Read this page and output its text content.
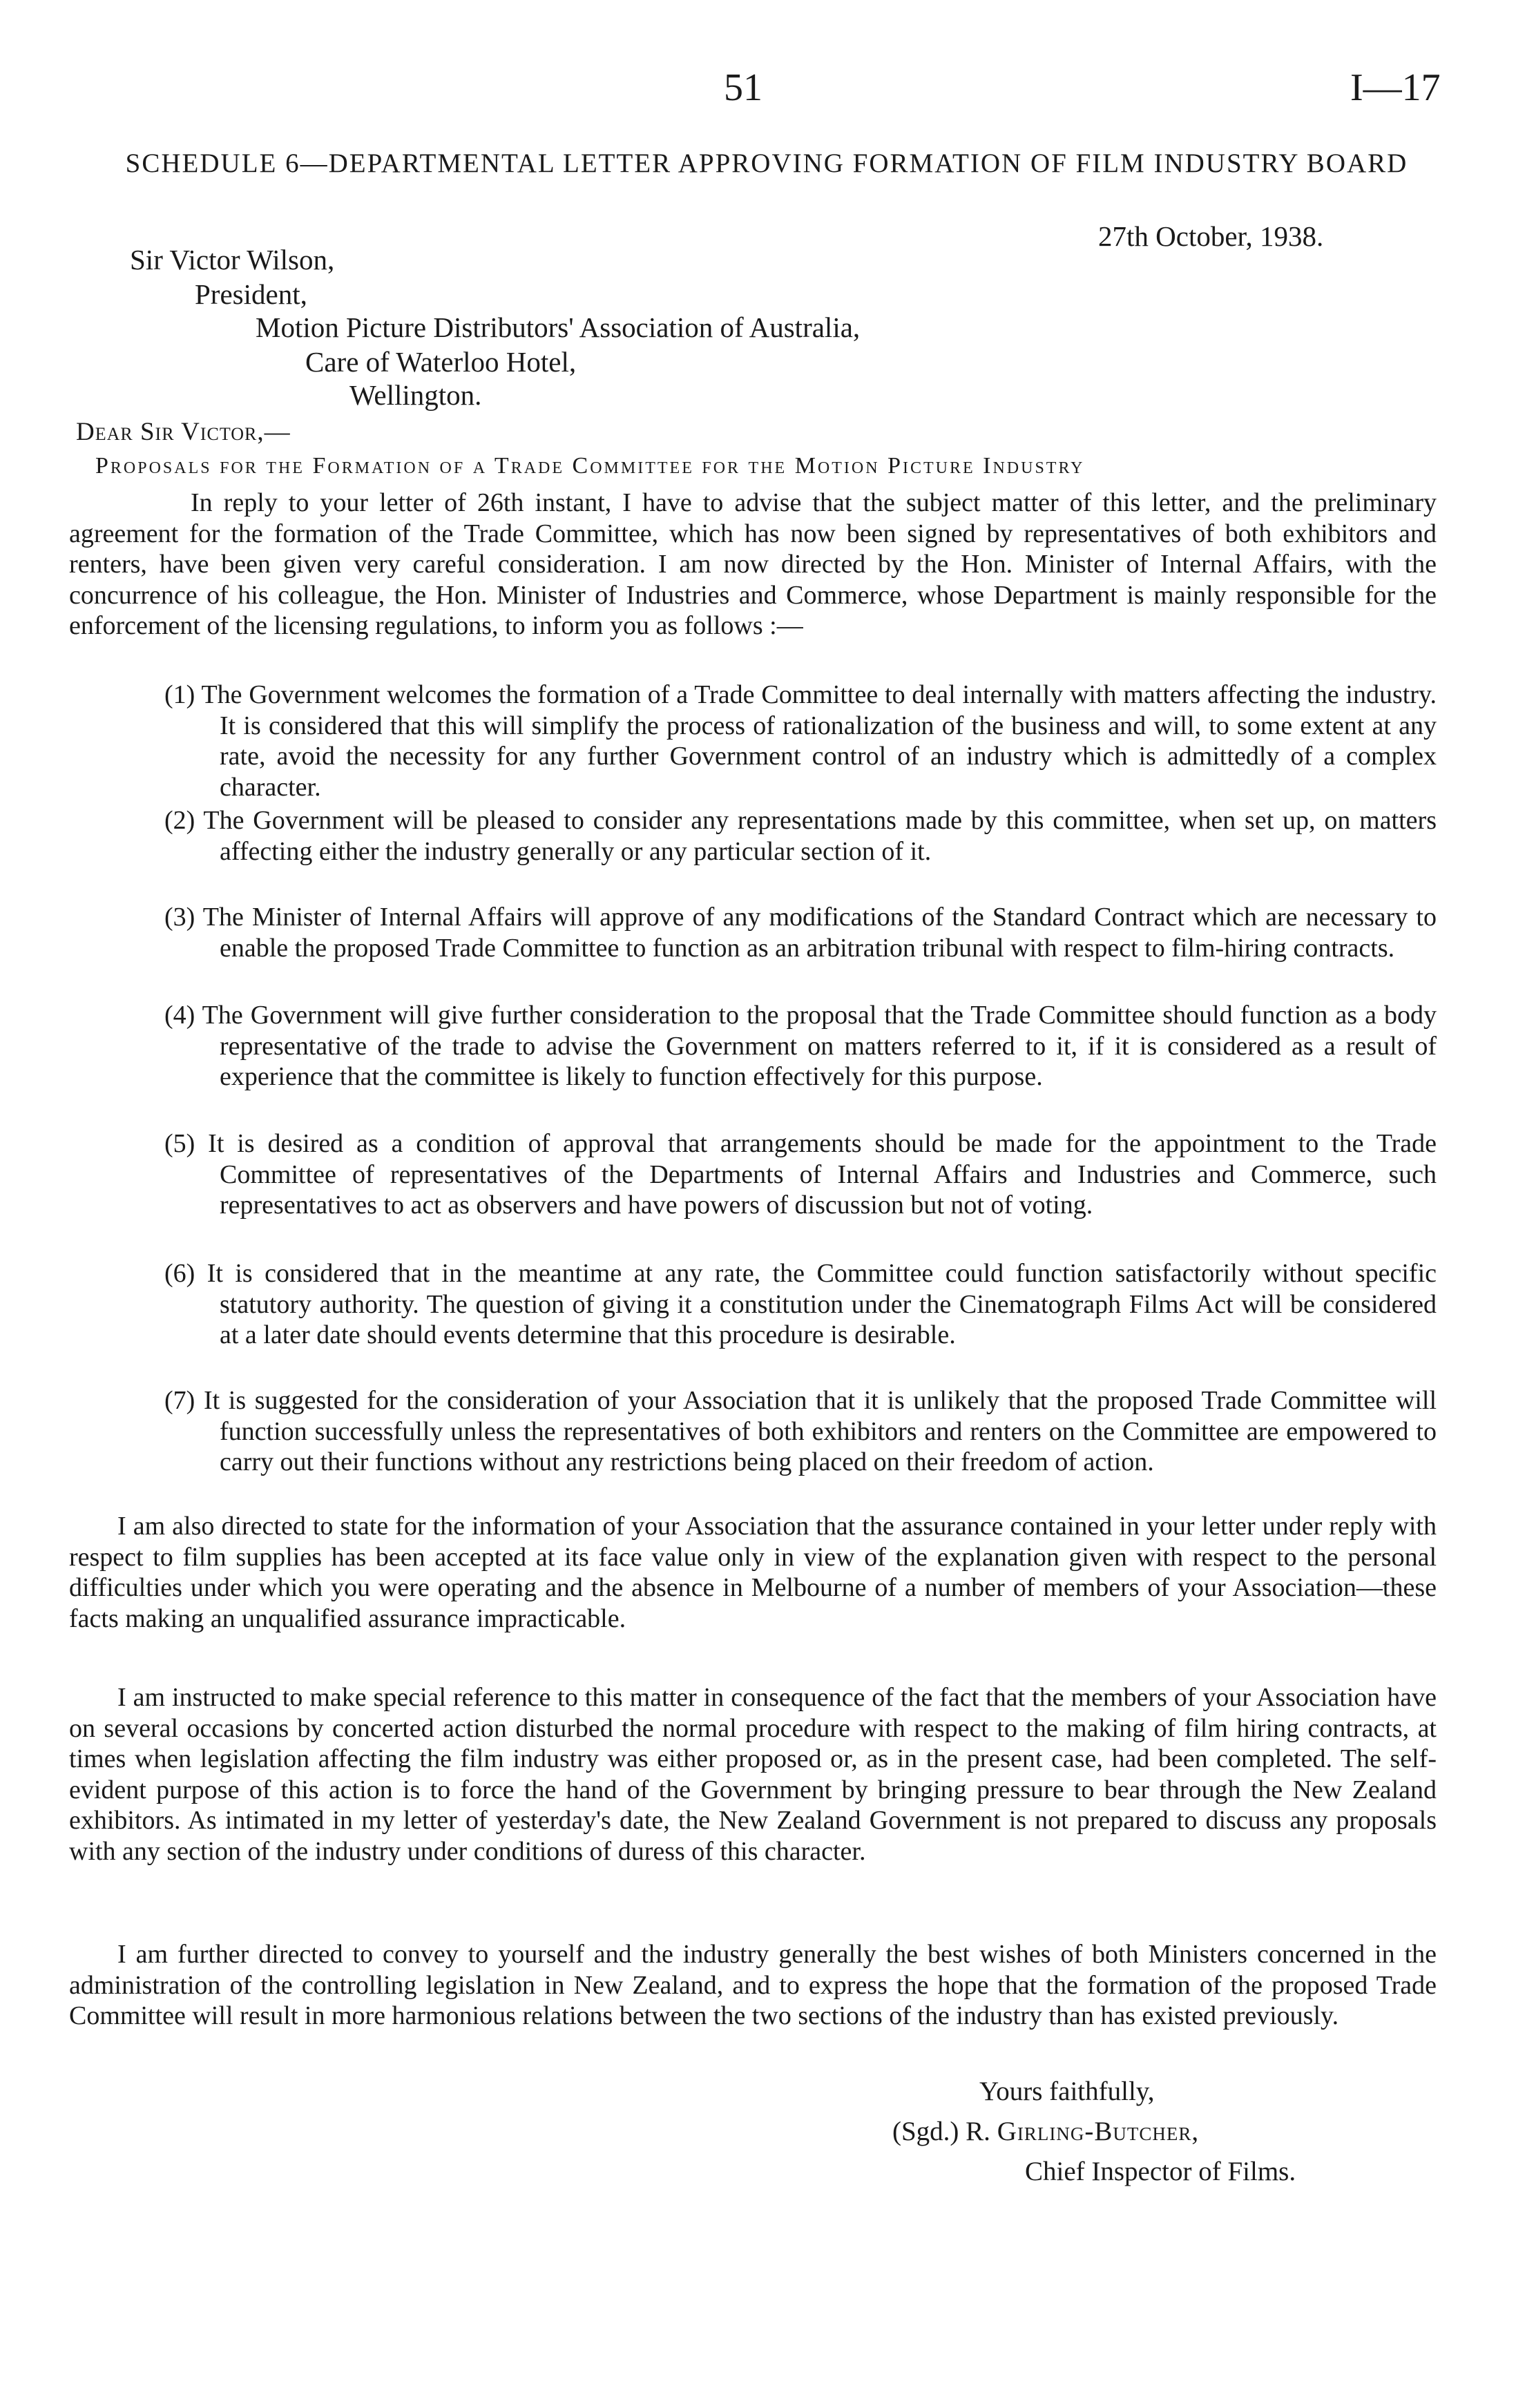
51	I—17
SCHEDULE 6—DEPARTMENTAL LETTER APPROVING FORMATION OF FILM INDUSTRY BOARD
27th October, 1938.
Sir Victor Wilson,
President,
Motion Picture Distributors' Association of Australia,
Care of Waterloo Hotel,
Wellington.
Dear Sir Victor,—
Proposals for the Formation of a Trade Committee for the Motion Picture Industry
In reply to your letter of 26th instant, I have to advise that the subject matter of this letter, and the preliminary agreement for the formation of the Trade Committee, which has now been signed by representatives of both exhibitors and renters, have been given very careful consideration. I am now directed by the Hon. Minister of Internal Affairs, with the concurrence of his colleague, the Hon. Minister of Industries and Commerce, whose Department is mainly responsible for the enforcement of the licensing regulations, to inform you as follows :—
(1) The Government welcomes the formation of a Trade Committee to deal internally with matters affecting the industry. It is considered that this will simplify the process of rationalization of the business and will, to some extent at any rate, avoid the necessity for any further Government control of an industry which is admittedly of a complex character.
(2) The Government will be pleased to consider any representations made by this committee, when set up, on matters affecting either the industry generally or any particular section of it.
(3) The Minister of Internal Affairs will approve of any modifications of the Standard Contract which are necessary to enable the proposed Trade Committee to function as an arbitration tribunal with respect to film-hiring contracts.
(4) The Government will give further consideration to the proposal that the Trade Committee should function as a body representative of the trade to advise the Government on matters referred to it, if it is considered as a result of experience that the committee is likely to function effectively for this purpose.
(5) It is desired as a condition of approval that arrangements should be made for the appointment to the Trade Committee of representatives of the Departments of Internal Affairs and Industries and Commerce, such representatives to act as observers and have powers of discussion but not of voting.
(6) It is considered that in the meantime at any rate, the Committee could function satisfactorily without specific statutory authority. The question of giving it a constitution under the Cinematograph Films Act will be considered at a later date should events determine that this procedure is desirable.
(7) It is suggested for the consideration of your Association that it is unlikely that the proposed Trade Committee will function successfully unless the representatives of both exhibitors and renters on the Committee are empowered to carry out their functions without any restrictions being placed on their freedom of action.
I am also directed to state for the information of your Association that the assurance contained in your letter under reply with respect to film supplies has been accepted at its face value only in view of the explanation given with respect to the personal difficulties under which you were operating and the absence in Melbourne of a number of members of your Association—these facts making an unqualified assurance impracticable.
I am instructed to make special reference to this matter in consequence of the fact that the members of your Association have on several occasions by concerted action disturbed the normal procedure with respect to the making of film hiring contracts, at times when legislation affecting the film industry was either proposed or, as in the present case, had been completed. The self-evident purpose of this action is to force the hand of the Government by bringing pressure to bear through the New Zealand exhibitors. As intimated in my letter of yesterday's date, the New Zealand Government is not prepared to discuss any proposals with any section of the industry under conditions of duress of this character.
I am further directed to convey to yourself and the industry generally the best wishes of both Ministers concerned in the administration of the controlling legislation in New Zealand, and to express the hope that the formation of the proposed Trade Committee will result in more harmonious relations between the two sections of the industry than has existed previously.
Yours faithfully,
(Sgd.) R. Girling-Butcher,
Chief Inspector of Films.
